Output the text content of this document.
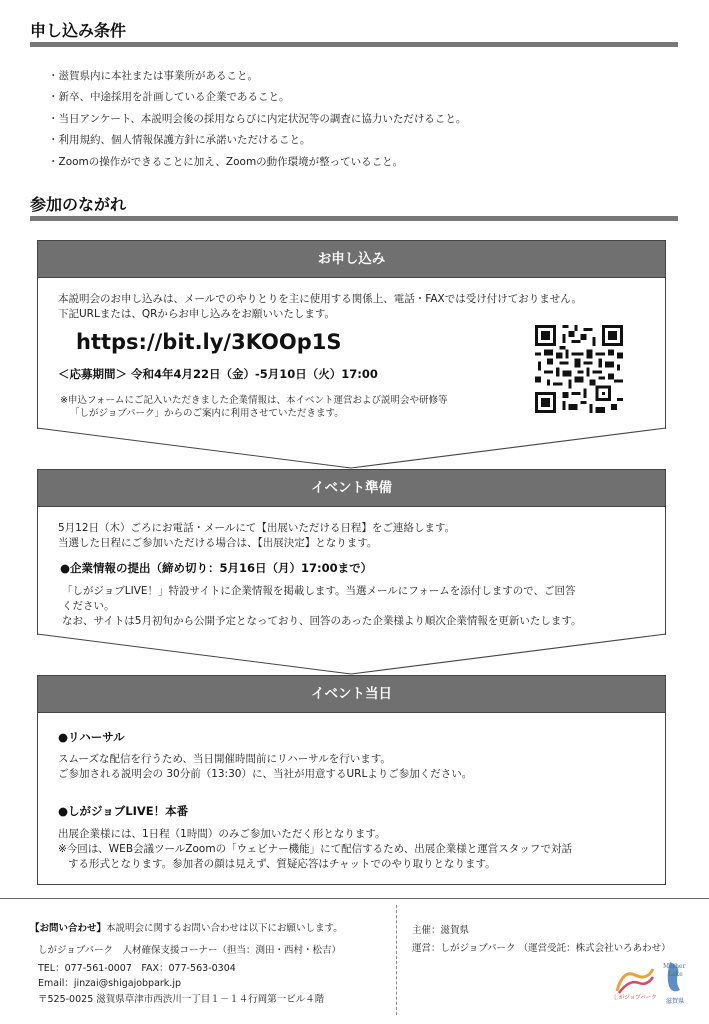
申し込み条件
・滋賀県内に本社または事業所があること。
・新卒、中途採用を計画している企業であること。
・当日アンケート、本説明会後の採用ならびに内定状況等の調査に協力いただけること。
・利用規約、個人情報保護方針に承諾いただけること。
・Zoomの操作ができることに加え、Zoomの動作環境が整っていること。
参加のながれ
お申し込み
本説明会のお申し込みは、メールでのやりとりを主に使用する関係上、電話・FAXでは受け付けておりません。
下記URLまたは、QRからお申し込みをお願いいたします。
https://bit.ly/3KOOp1S
＜応募期間＞ 令和4年4月22日（金）-5月10日（火）17:00
※申込フォームにご記入いただきました企業情報は、本イベント運営および説明会や研修等
「しがジョブパーク」からのご案内に利用させていただきます。
イベント準備
5月12日（木）ごろにお電話・メールにて【出展いただける日程】をご連絡します。
当選した日程にご参加いただける場合は、【出展決定】となります。
●企業情報の提出（締め切り：5月16日（月）17:00まで）
「しがジョブLIVE！」特設サイトに企業情報を掲載します。当選メールにフォームを添付しますので、ご回答
ください。
なお、サイトは5月初旬から公開予定となっており、回答のあった企業様より順次企業情報を更新いたします。
イベント当日
●リハーサル
スムーズな配信を行うため、当日開催時間前にリハーサルを行います。
ご参加される説明会の 30分前（13:30）に、当社が用意するURLよりご参加ください。
●しがジョブLIVE！本番
出展企業様には、1日程（1時間）のみご参加いただく形となります。
※今回は、WEB会議ツールZoomの「ウェビナー機能」にて配信するため、出展企業様と運営スタッフで対話
する形式となります。参加者の顔は見えず、質疑応答はチャットでのやり取りとなります。
【お問い合わせ】本説明会に関するお問い合わせは以下にお願いします。
しがジョブパーク　人材確保支援コーナー（担当：渕田・西村・松吉）
TEL：077-561-0007　FAX：077-563-0304
Email：jinzai@shigajobpark.jp
〒525-0025 滋賀県草津市西渋川一丁目１－１４行岡第一ビル４階
主催：滋賀県
運営：しがジョブパーク （運営受託：株式会社いろあわせ）
しがジョブパーク
Mother
Lake
滋賀県
